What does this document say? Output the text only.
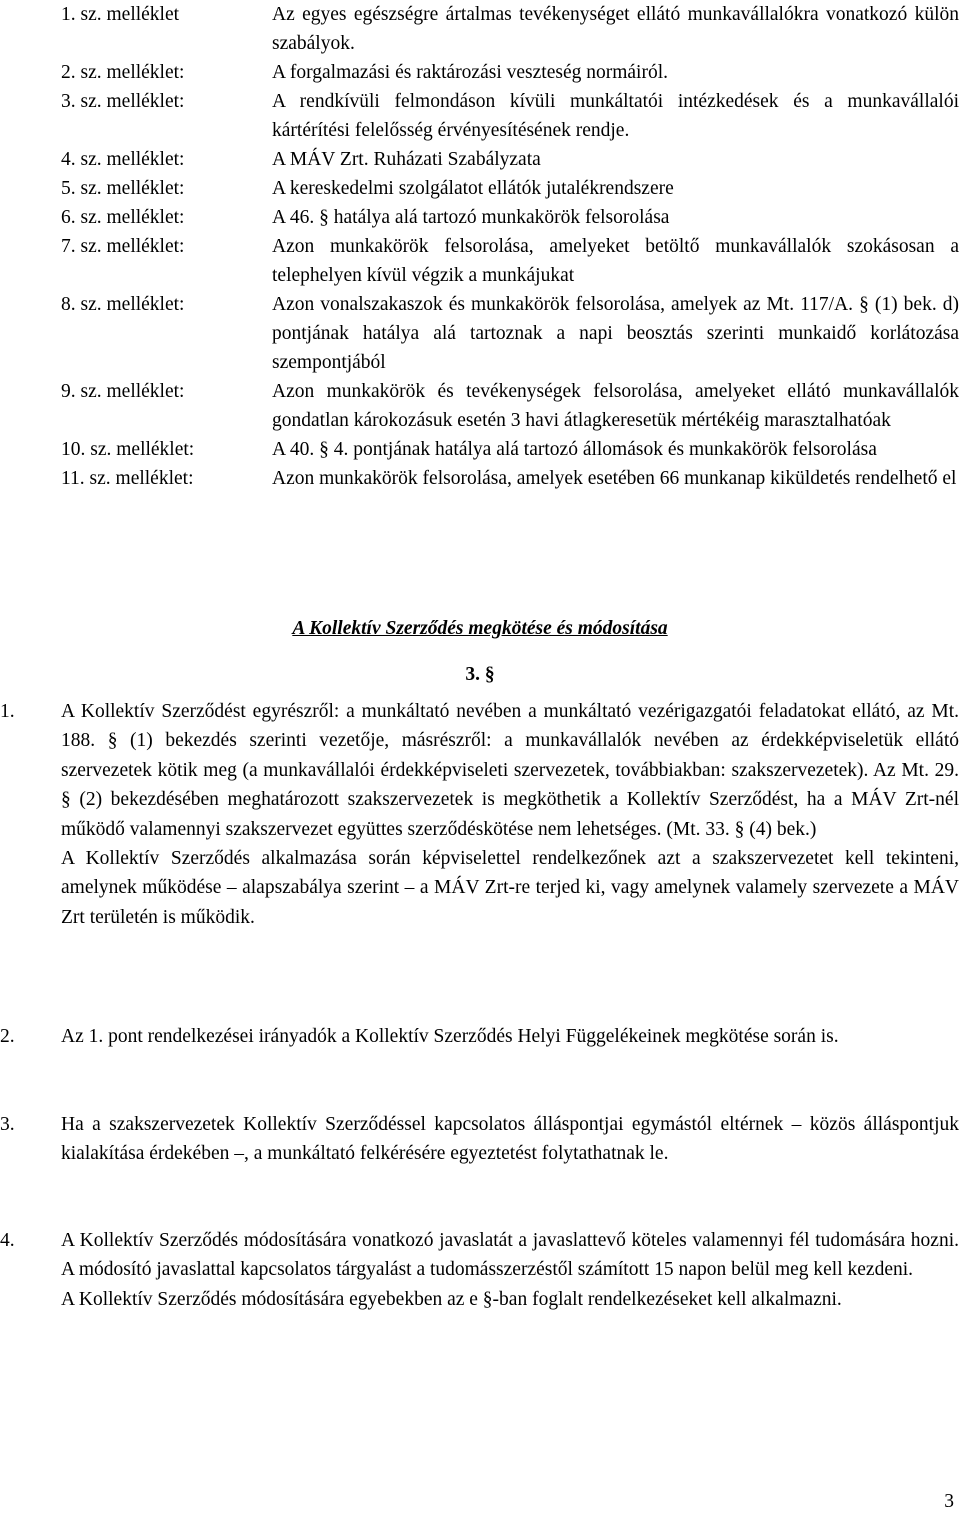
1. sz. melléklet	Az egyes egészségre ártalmas tevékenységet ellátó munkavállalókra vonatkozó külön szabályok.
2. sz. melléklet:	A forgalmazási és raktározási veszteség normáiról.
3. sz. melléklet:	A rendkívüli felmondáson kívüli munkáltatói intézkedések és a munkavállalói kártérítési felelősség érvényesítésének rendje.
4. sz. melléklet:	A MÁV Zrt. Ruházati Szabályzata
5. sz. melléklet:	A kereskedelmi szolgálatot ellátók jutalékrendszere
6. sz. melléklet:	A 46. § hatálya alá tartozó munkakörök felsorolása
7. sz. melléklet:	Azon munkakörök felsorolása, amelyeket betöltő munkavállalók szokásosan a telephelyen kívül végzik a munkájukat
8. sz. melléklet:	Azon vonalszakaszok és munkakörök felsorolása, amelyek az Mt. 117/A. § (1) bek. d) pontjának hatálya alá tartoznak a napi beosztás szerinti munkaidő korlátozása szempontjából
9. sz. melléklet:	Azon munkakörök és tevékenységek felsorolása, amelyeket ellátó munkavállalók gondatlan károkozásuk esetén 3 havi átlagkeresetük mértékéig marasztalhatóak
10. sz. melléklet:	A 40. § 4. pontjának hatálya alá tartozó állomások és munkakörök felsorolása
11. sz. melléklet:	Azon munkakörök felsorolása, amelyek esetében 66 munkanap kiküldetés rendelhető el
A Kollektív Szerződés megkötése és módosítása
3. §
1.	A Kollektív Szerződést egyrészről: a munkáltató nevében a munkáltató vezérigazgatói feladatokat ellátó, az Mt. 188. § (1) bekezdés szerinti vezetője, másrészről: a munkavállalók nevében az érdekképviseletük ellátó szervezetek kötik meg (a munkavállalói érdekképviseleti szervezetek, továbbiakban: szakszervezetek). Az Mt. 29. § (2) bekezdésében meghatározott szakszervezetek is megköthetik a Kollektív Szerződést, ha a MÁV Zrt-nél működő valamennyi szakszervezet együttes szerződéskötése nem lehetséges. (Mt. 33. § (4) bek.)

A Kollektív Szerződés alkalmazása során képviselettel rendelkezőnek azt a szakszervezetet kell tekinteni, amelynek működése – alapszabálya szerint – a MÁV Zrt-re terjed ki, vagy amelynek valamely szervezete a MÁV Zrt területén is működik.

2.	Az 1. pont rendelkezései irányadók a Kollektív Szerződés Helyi Függelékeinek megkötése során is.

3.	Ha a szakszervezetek Kollektív Szerződéssel kapcsolatos álláspontjai egymástól eltérnek – közös álláspontjuk kialakítása érdekében –, a munkáltató felkérésére egyeztetést folytathatnak le.

4.	A Kollektív Szerződés módosítására vonatkozó javaslatát a javaslattevő köteles valamennyi fél tudomására hozni. A módosító javaslattal kapcsolatos tárgyalást a tudomásszerzéstől számított 15 napon belül meg kell kezdeni.

A Kollektív Szerződés módosítására egyebekben az e §-ban foglalt rendelkezéseket kell alkalmazni.

3
